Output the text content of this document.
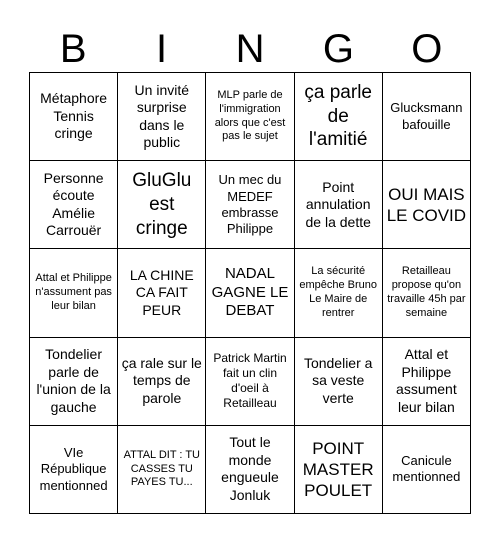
B	I	N	G	O
Métaphore Tennis cringe
Un invité surprise dans le public
MLP parle de l'immigration alors que c'est pas le sujet
ça parle de l'amitié
Glucksmann bafouille
Personne écoute Amélie Carrouër
GluGlu est cringe
Un mec du MEDEF embrasse Philippe
Point annulation de la dette
OUI MAIS LE COVID
Attal et Philippe n'assument pas leur bilan
LA CHINE CA FAIT PEUR
NADAL GAGNE LE DEBAT
La sécurité empêche Bruno Le Maire de rentrer
Retailleau propose qu'on travaille 45h par semaine
Tondelier parle de l'union de la gauche
ça rale sur le temps de parole
Patrick Martin fait un clin d'oeil à Retailleau
Tondelier a sa veste verte
Attal et Philippe assument leur bilan
VIe République mentionned
ATTAL DIT : TU CASSES TU PAYES TU...
Tout le monde engueule Jonluk
POINT MASTER POULET
Canicule mentionned
